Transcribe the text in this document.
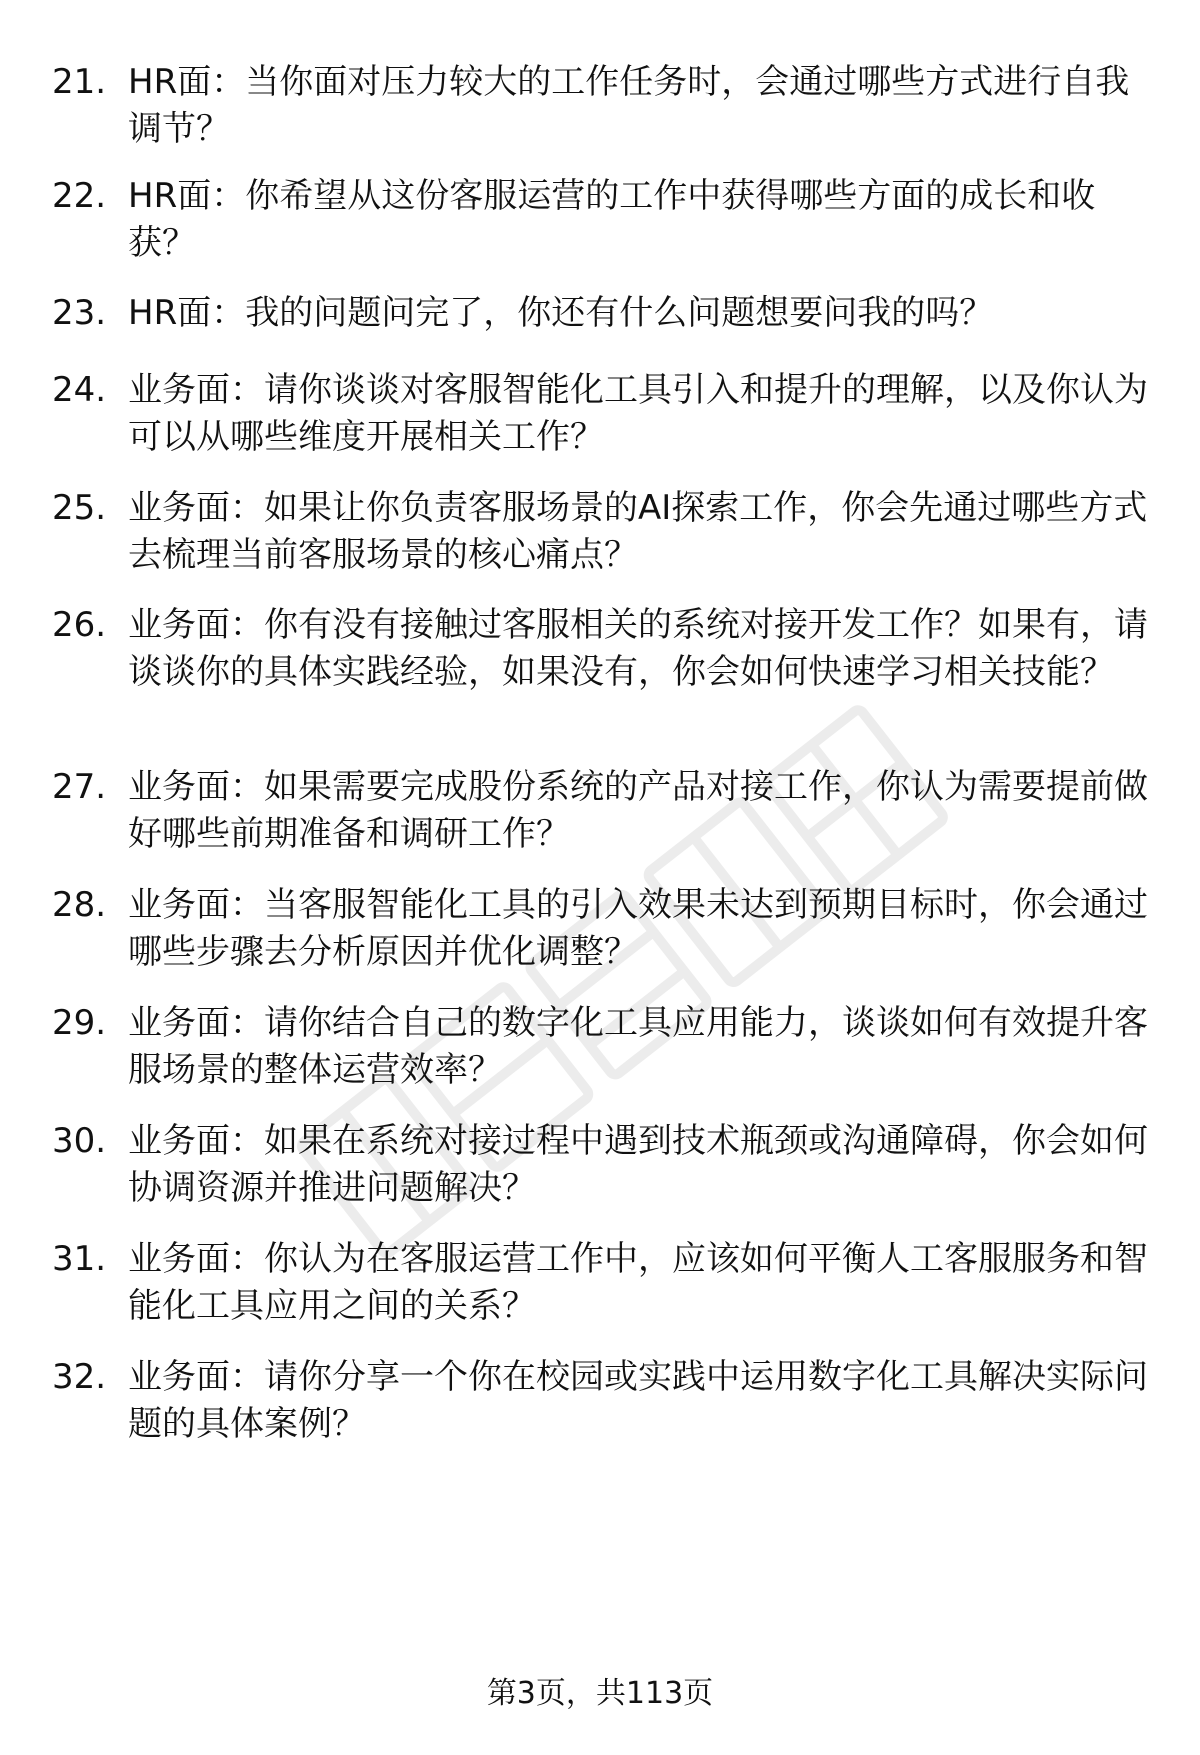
21. HR面：当你面对压力较大的工作任务时，会通过哪些方式进行自我调节？
22. HR面：你希望从这份客服运营的工作中获得哪些方面的成长和收获？
23. HR面：我的问题问完了，你还有什么问题想要问我的吗？
24. 业务面：请你谈谈对客服智能化工具引入和提升的理解，以及你认为可以从哪些维度开展相关工作？
25. 业务面：如果让你负责客服场景的AI探索工作，你会先通过哪些方式去梳理当前客服场景的核心痛点？
26. 业务面：你有没有接触过客服相关的系统对接开发工作？如果有，请谈谈你的具体实践经验，如果没有，你会如何快速学习相关技能？
27. 业务面：如果需要完成股份系统的产品对接工作，你认为需要提前做好哪些前期准备和调研工作？
28. 业务面：当客服智能化工具的引入效果未达到预期目标时，你会通过哪些步骤去分析原因并优化调整？
29. 业务面：请你结合自己的数字化工具应用能力，谈谈如何有效提升客服场景的整体运营效率？
30. 业务面：如果在系统对接过程中遇到技术瓶颈或沟通障碍，你会如何协调资源并推进问题解决？
31. 业务面：你认为在客服运营工作中，应该如何平衡人工客服服务和智能化工具应用之间的关系？
32. 业务面：请你分享一个你在校园或实践中运用数字化工具解决实际问题的具体案例？
第3页，共113页
